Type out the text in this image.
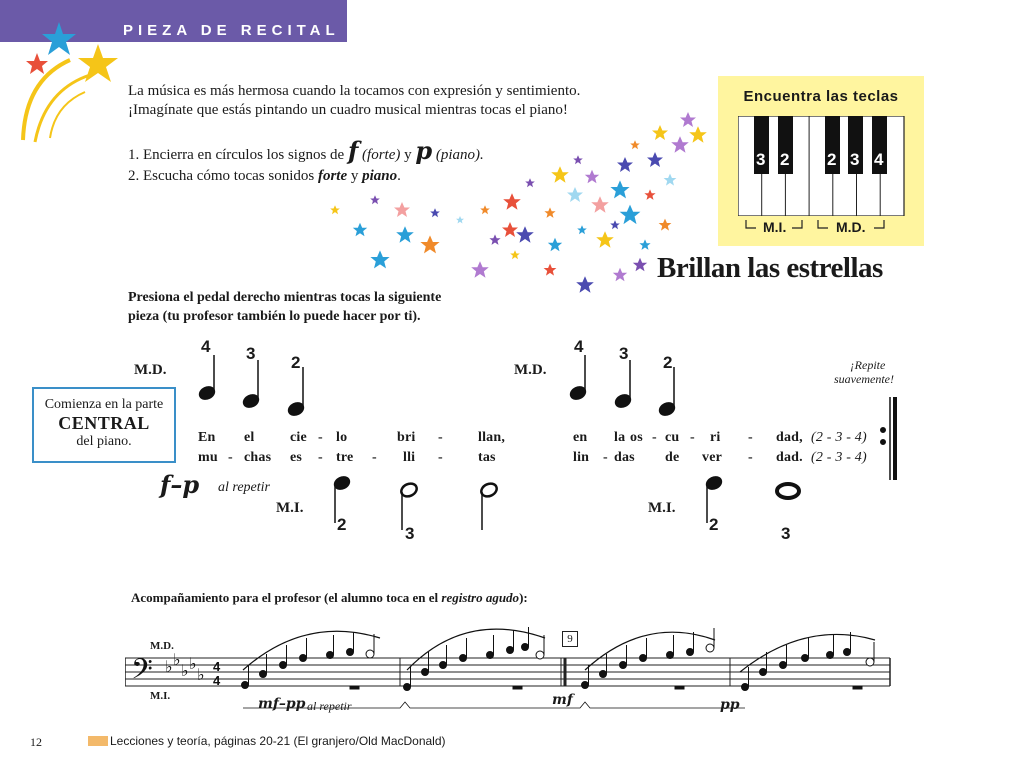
PIEZA DE RECITAL
La música es más hermosa cuando la tocamos con expresión y sentimiento.
¡Imagínate que estás pintando un cuadro musical mientras tocas el piano!
1. Encierra en círculos los signos de f (forte) y p (piano).
2. Escucha cómo tocas sonidos forte y piano.
Encuentra las teclas
3 2 2 3 4
M.I.	M.D.
Brillan las estrellas
Presiona el pedal derecho mientras tocas la siguiente
pieza (tu profesor también lo puede hacer por ti).
Comienza en la parte
CENTRAL
del piano.
M.D.	M.D.
M.I.	M.I.
4 3 2
4 3 2
2	3	2	3
¡Repite
suavemente!
En el	cie - lo	bri -	llan,	en la os - cu - ri - dad, (2 - 3 - 4)
mu - chas es - tre - lli -	tas	lin - das de ver - dad. (2 - 3 - 4)
f–p al repetir
Acompañamiento para el profesor (el alumno toca en el registro agudo):
M.D.
M.I.
𝄢 ♭ ♭
♭ ♭
♭ 4
4
9
mf–pp al repetir	mf	pp
12	Lecciones y teoría, páginas 20-21 (El granjero/Old MacDonald)
